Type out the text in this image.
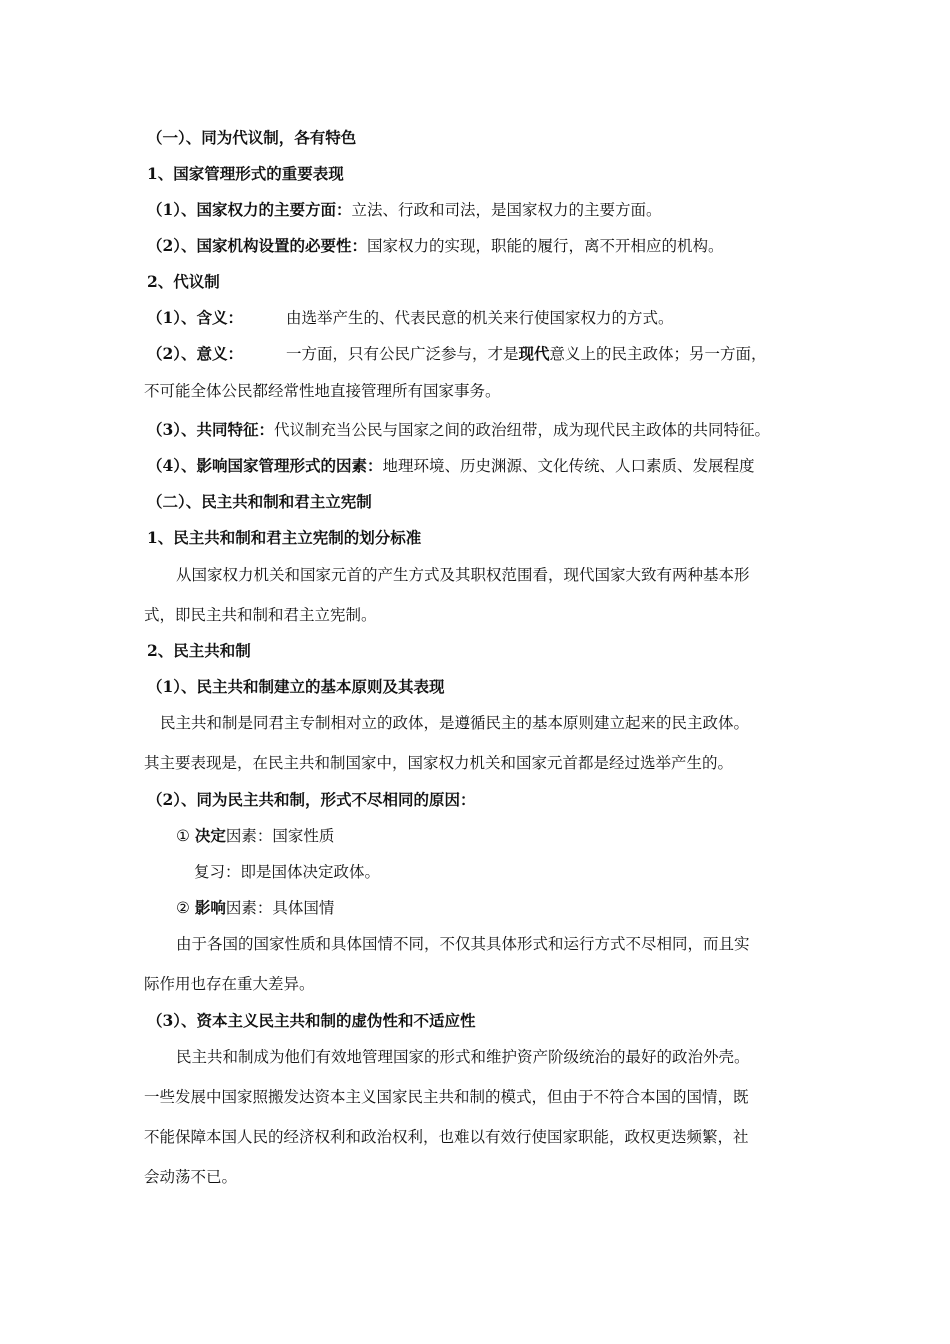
（一）、同为代议制，各有特色
1、国家管理形式的重要表现
（1）、国家权力的主要方面：立法、行政和司法，是国家权力的主要方面。
（2）、国家机构设置的必要性：国家权力的实现，职能的履行，离不开相应的机构。
2、代议制
（1）、含义：	由选举产生的、代表民意的机关来行使国家权力的方式。
（2）、意义：	一方面，只有公民广泛参与，才是现代意义上的民主政体；另一方面，
不可能全体公民都经常性地直接管理所有国家事务。
（3）、共同特征：代议制充当公民与国家之间的政治纽带，成为现代民主政体的共同特征。
（4）、影响国家管理形式的因素：地理环境、历史渊源、文化传统、人口素质、发展程度
（二）、民主共和制和君主立宪制
1、民主共和制和君主立宪制的划分标准
从国家权力机关和国家元首的产生方式及其职权范围看，现代国家大致有两种基本形
式，即民主共和制和君主立宪制。
2、民主共和制
（1）、民主共和制建立的基本原则及其表现
民主共和制是同君主专制相对立的政体，是遵循民主的基本原则建立起来的民主政体。
其主要表现是，在民主共和制国家中，国家权力机关和国家元首都是经过选举产生的。
（2）、同为民主共和制，形式不尽相同的原因：
① 决定因素：国家性质
复习：即是国体决定政体。
② 影响因素：具体国情
由于各国的国家性质和具体国情不同，不仅其具体形式和运行方式不尽相同，而且实
际作用也存在重大差异。
（3）、资本主义民主共和制的虚伪性和不适应性
民主共和制成为他们有效地管理国家的形式和维护资产阶级统治的最好的政治外壳。
一些发展中国家照搬发达资本主义国家民主共和制的模式，但由于不符合本国的国情，既
不能保障本国人民的经济权利和政治权利，也难以有效行使国家职能，政权更迭频繁，社
会动荡不已。
